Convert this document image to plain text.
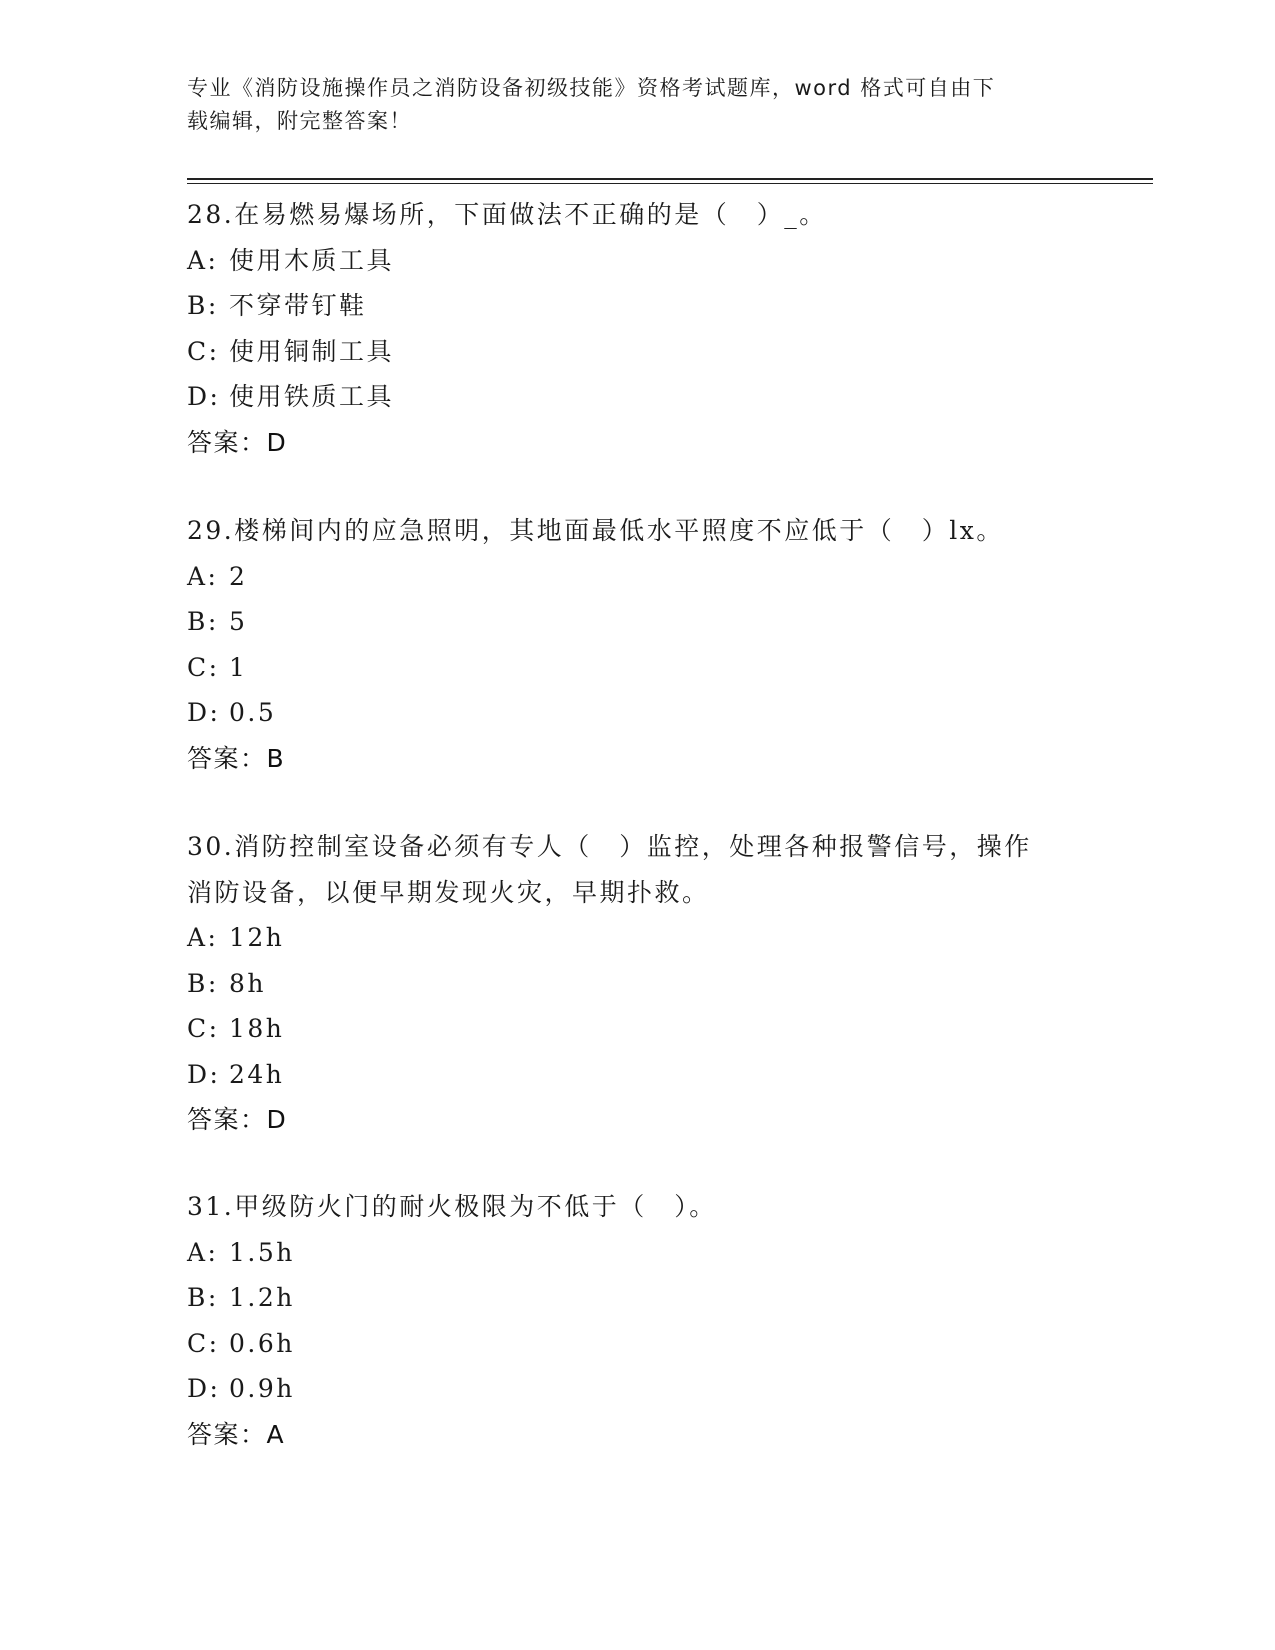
专业《消防设施操作员之消防设备初级技能》资格考试题库，word 格式可自由下
载编辑，附完整答案！
28.在易燃易爆场所，下面做法不正确的是（　）_。
A: 使用木质工具
B: 不穿带钉鞋
C: 使用铜制工具
D: 使用铁质工具
答案：D
29.楼梯间内的应急照明，其地面最低水平照度不应低于（　）lx。
A: 2
B: 5
C: 1
D: 0.5
答案：B
30.消防控制室设备必须有专人（　）监控，处理各种报警信号，操作
消防设备，以便早期发现火灾，早期扑救。
A: 12h
B: 8h
C: 18h
D: 24h
答案：D
31.甲级防火门的耐火极限为不低于（　）。
A: 1.5h
B: 1.2h
C: 0.6h
D: 0.9h
答案：A
